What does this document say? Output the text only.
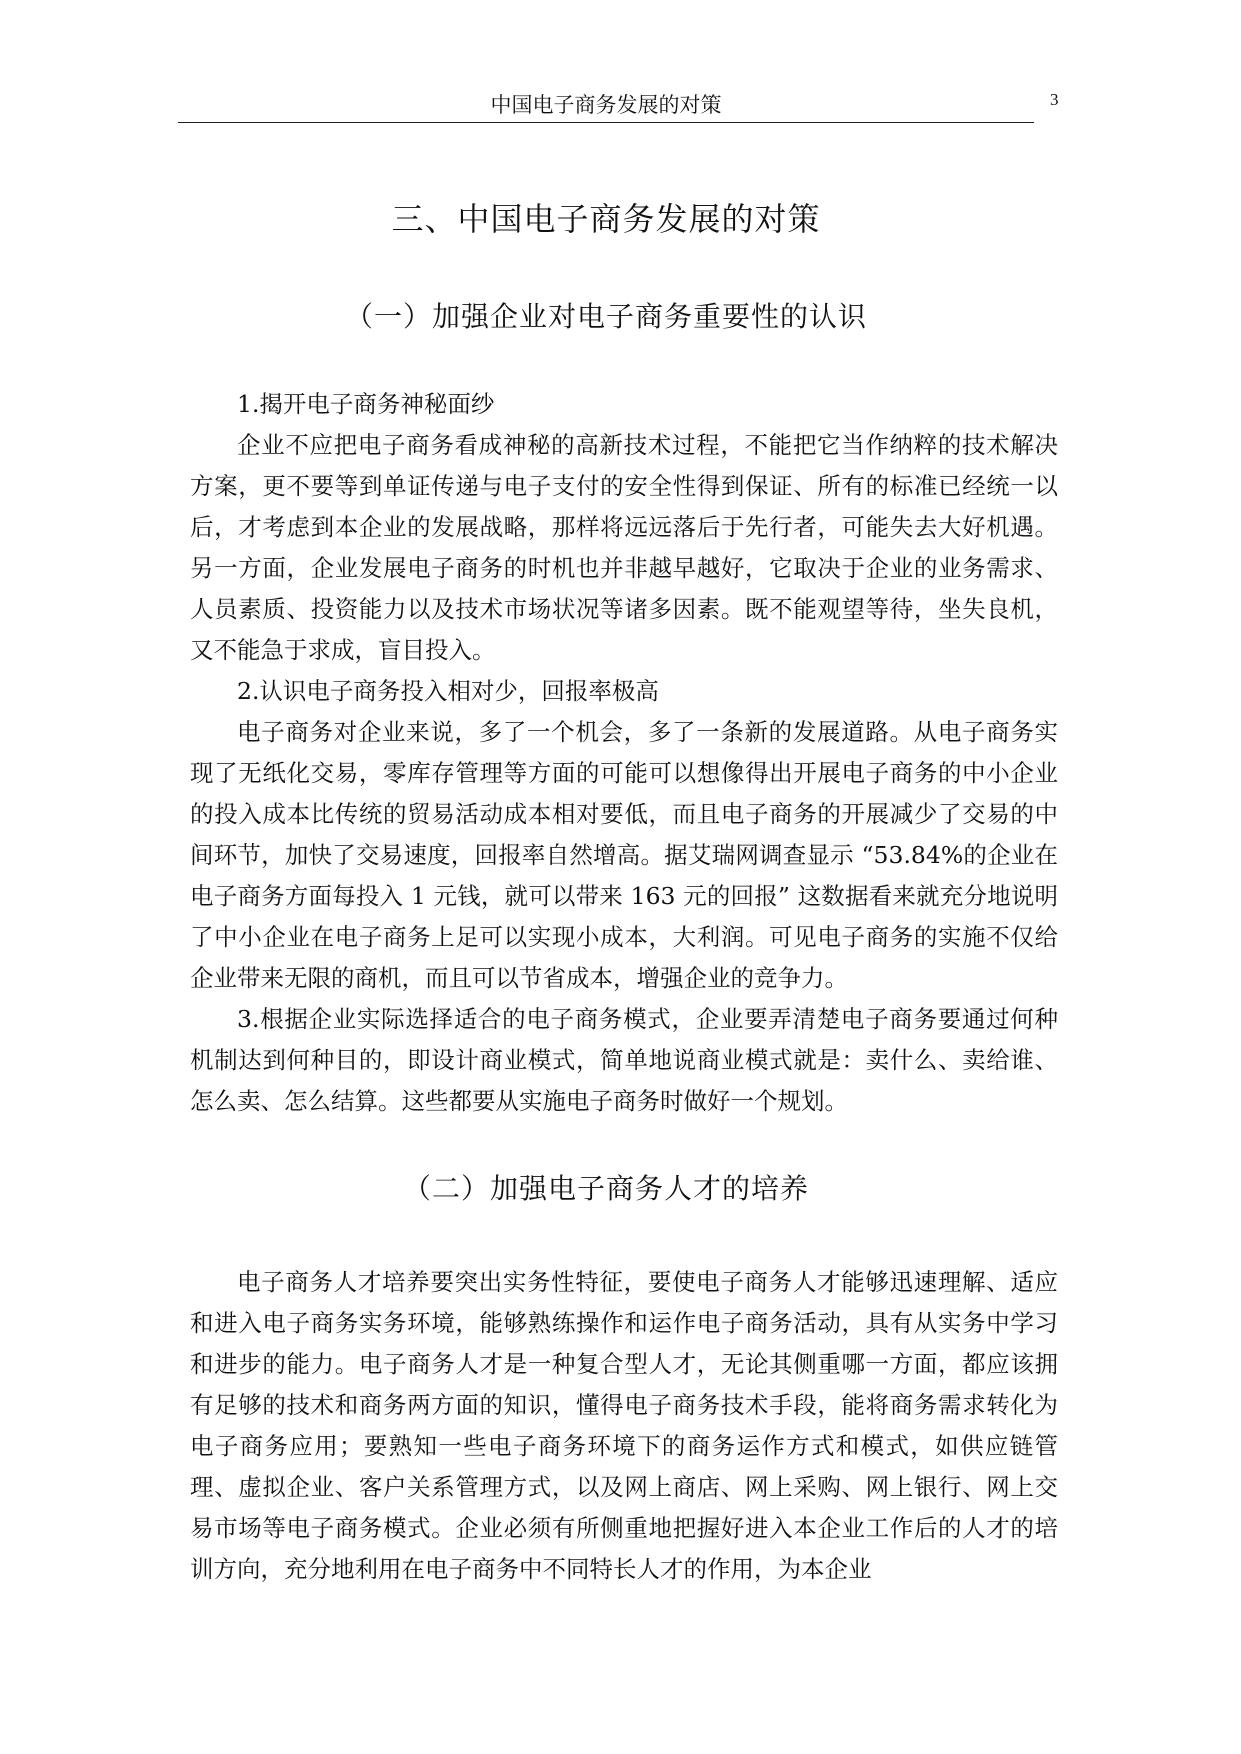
中国电子商务发展的对策	3
三、中国电子商务发展的对策
（一）加强企业对电子商务重要性的认识

1.揭开电子商务神秘面纱

企业不应把电子商务看成神秘的高新技术过程，不能把它当作纳粹的技术解决方案，更不要等到单证传递与电子支付的安全性得到保证、所有的标准已经统一以后，才考虑到本企业的发展战略，那样将远远落后于先行者，可能失去大好机遇。另一方面，企业发展电子商务的时机也并非越早越好，它取决于企业的业务需求、人员素质、投资能力以及技术市场状况等诸多因素。既不能观望等待，坐失良机，又不能急于求成，盲目投入。

2.认识电子商务投入相对少，回报率极高

电子商务对企业来说，多了一个机会，多了一条新的发展道路。从电子商务实现了无纸化交易，零库存管理等方面的可能可以想像得出开展电子商务的中小企业的投入成本比传统的贸易活动成本相对要低，而且电子商务的开展减少了交易的中间环节，加快了交易速度，回报率自然增高。据艾瑞网调查显示 “53.84%的企业在电子商务方面每投入 1 元钱，就可以带来 163 元的回报” 这数据看来就充分地说明了中小企业在电子商务上足可以实现小成本，大利润。可见电子商务的实施不仅给企业带来无限的商机，而且可以节省成本，增强企业的竞争力。

3.根据企业实际选择适合的电子商务模式，企业要弄清楚电子商务要通过何种机制达到何种目的，即设计商业模式，简单地说商业模式就是：卖什么、卖给谁、怎么卖、怎么结算。这些都要从实施电子商务时做好一个规划。

（二）加强电子商务人才的培养

电子商务人才培养要突出实务性特征，要使电子商务人才能够迅速理解、适应和进入电子商务实务环境，能够熟练操作和运作电子商务活动，具有从实务中学习和进步的能力。电子商务人才是一种复合型人才，无论其侧重哪一方面，都应该拥有足够的技术和商务两方面的知识，懂得电子商务技术手段，能将商务需求转化为电子商务应用；要熟知一些电子商务环境下的商务运作方式和模式，如供应链管理、虚拟企业、客户关系管理方式，以及网上商店、网上采购、网上银行、网上交易市场等电子商务模式。企业必须有所侧重地把握好进入本企业工作后的人才的培训方向，充分地利用在电子商务中不同特长人才的作用，为本企业
